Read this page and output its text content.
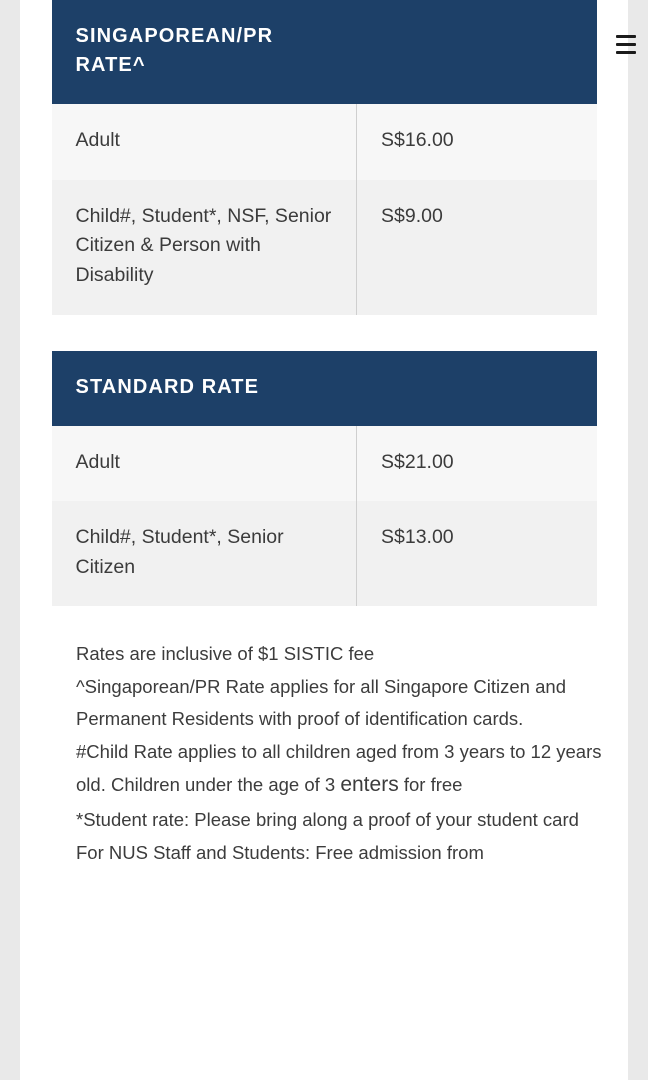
SINGAPOREAN/PR RATE^	
Adult	S$16.00
Child#, Student*, NSF, Senior Citizen & Person with Disability	S$9.00
STANDARD RATE	
Adult	S$21.00
Child#, Student*, Senior Citizen	S$13.00

Rates are inclusive of $1 SISTIC fee

^Singaporean/PR Rate applies for all Singapore Citizen and Permanent Residents with proof of identification cards.

#Child Rate applies to all children aged from 3 years to 12 years old. Children under the age of 3 enters for free

*Student rate: Please bring along a proof of your student card

For NUS Staff and Students: Free admission from
